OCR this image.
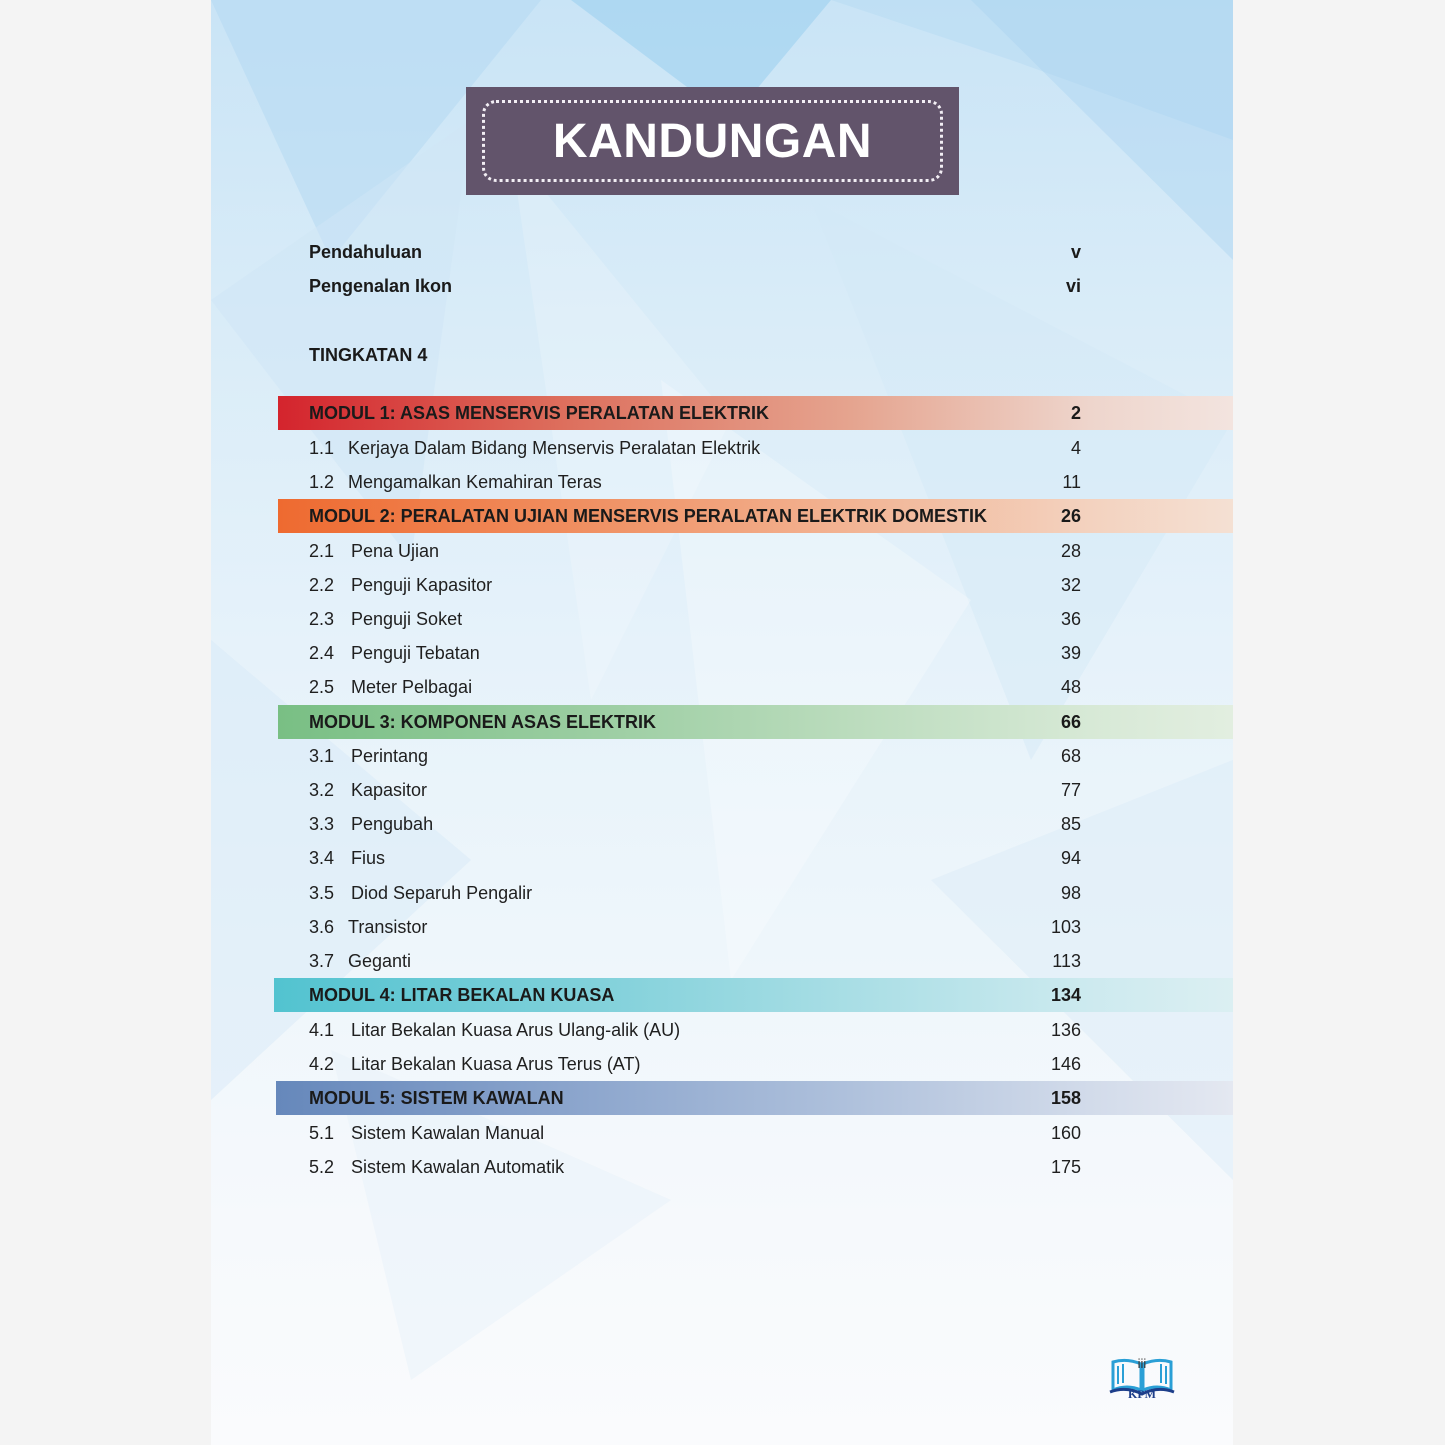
KANDUNGAN
Pendahuluan	v
Pengenalan Ikon	vi
TINGKATAN 4
MODUL 1: ASAS MENSERVIS PERALATAN ELEKTRIK	2
1.1 Kerjaya Dalam Bidang Menservis Peralatan Elektrik	4
1.2 Mengamalkan Kemahiran Teras	11
MODUL 2: PERALATAN UJIAN MENSERVIS PERALATAN ELEKTRIK DOMESTIK	26
2.1 Pena Ujian	28
2.2 Penguji Kapasitor	32
2.3 Penguji Soket	36
2.4 Penguji Tebatan	39
2.5 Meter Pelbagai	48
MODUL 3: KOMPONEN ASAS ELEKTRIK	66
3.1 Perintang	68
3.2 Kapasitor	77
3.3 Pengubah	85
3.4 Fius	94
3.5 Diod Separuh Pengalir	98
3.6 Transistor	103
3.7 Geganti	113
MODUL 4: LITAR BEKALAN KUASA	134
4.1 Litar Bekalan Kuasa Arus Ulang-alik (AU)	136
4.2 Litar Bekalan Kuasa Arus Terus (AT)	146
MODUL 5: SISTEM KAWALAN	158
5.1 Sistem Kawalan Manual	160
5.2 Sistem Kawalan Automatik	175
iii
KPM
